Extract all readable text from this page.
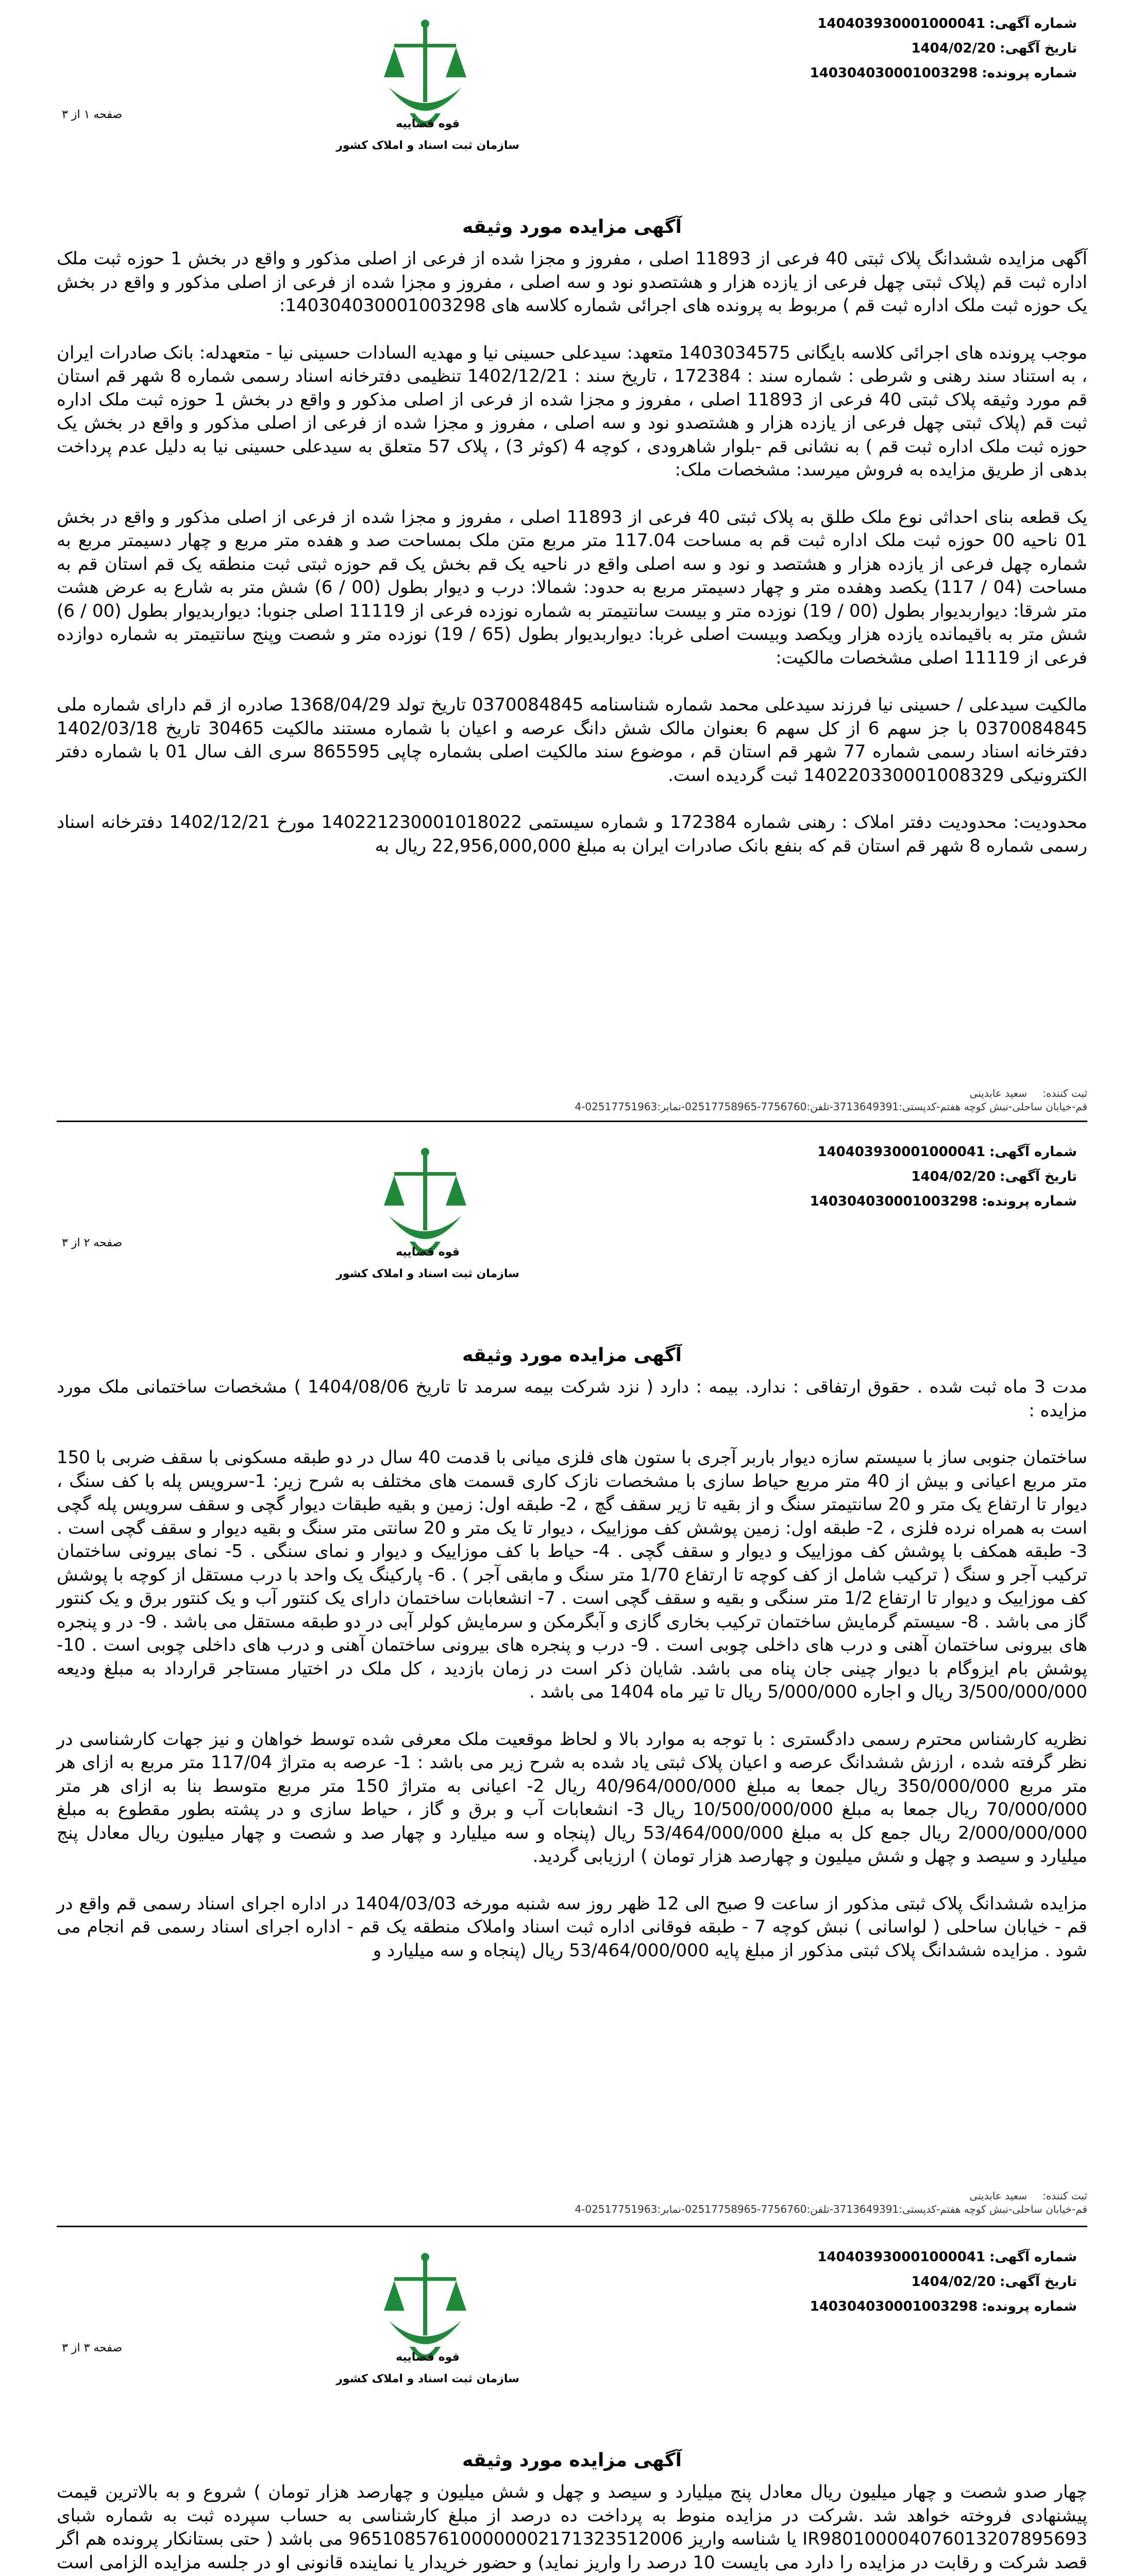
شماره آگهی:140403930001000041
تاریخ آگهی:1404/02/20
شماره پرونده:140304030001003298
قوه قضاییه
سازمان ثبت اسناد و املاک کشور
صفحه ۱ از ۳
آگهی مزایده مورد وثیقه

آگهی مزایده ششدانگ پلاک ثبتی 40 فرعی از 11893 اصلی ، مفروز و مجزا شده از فرعی از اصلی مذکور و واقع در بخش 1 حوزه ثبت ملک اداره ثبت قم (پلاک ثبتی چهل فرعی از یازده هزار و هشتصدو نود و سه اصلی ، مفروز و مجزا شده از فرعی از اصلی مذکور و واقع در بخش یک حوزه ثبت ملک اداره ثبت قم ) مربوط به پرونده های اجرائی شماره کلاسه های 140304030001003298:

موجب پرونده های اجرائی کلاسه بایگانی 1403034575 متعهد: سیدعلی حسینی نیا و مهدیه السادات حسینی نیا - متعهدله: بانک صادرات ایران ، به استناد سند رهنی و شرطی : شماره سند : 172384 ، تاریخ سند : 1402/12/21 تنظیمی دفترخانه اسناد رسمی شماره 8 شهر قم استان قم مورد وثیقه پلاک ثبتی 40 فرعی از 11893 اصلی ، مفروز و مجزا شده از فرعی از اصلی مذکور و واقع در بخش 1 حوزه ثبت ملک اداره ثبت قم (پلاک ثبتی چهل فرعی از یازده هزار و هشتصدو نود و سه اصلی ، مفروز و مجزا شده از فرعی از اصلی مذکور و واقع در بخش یک حوزه ثبت ملک اداره ثبت قم ) به نشانی قم -بلوار شاهرودی ، کوچه 4 (کوثر 3) ، پلاک 57 متعلق به سیدعلی حسینی نیا به دلیل عدم پرداخت بدهی از طریق مزایده به فروش میرسد: مشخصات ملک:

یک قطعه بنای احداثی نوع ملک طلق به پلاک ثبتی 40 فرعی از 11893 اصلی ، مفروز و مجزا شده از فرعی از اصلی مذکور و واقع در بخش 01 ناحیه 00 حوزه ثبت ملک اداره ثبت قم به مساحت 117.04 متر مربع متن ملک بمساحت صد و هفده متر مربع و چهار دسیمتر مربع به شماره چهل فرعی از یازده هزار و هشتصد و نود و سه اصلی واقع در ناحیه یک قم بخش یک قم حوزه ثبتی ثبت منطقه یک قم استان قم به مساحت (04 / 117) یکصد وهفده متر و چهار دسیمتر مربع به حدود: شمالا: درب و دیوار بطول (00 / 6) شش متر به شارع به عرض هشت متر شرقا: دیواربدیوار بطول (00 / 19) نوزده متر و بیست سانتیمتر به شماره نوزده فرعی از 11119 اصلی جنوبا: دیواربدیوار بطول (00 / 6) شش متر به باقیمانده یازده هزار ویکصد وبیست اصلی غربا: دیواربدیوار بطول (65 / 19) نوزده متر و شصت وپنج سانتیمتر به شماره دوازده فرعی از 11119 اصلی مشخصات مالکیت:

مالکیت سیدعلی / حسینی نیا فرزند سیدعلی محمد شماره شناسنامه 0370084845 تاریخ تولد 1368/04/29 صادره از قم دارای شماره ملی 0370084845 با جز سهم 6 از کل سهم 6 بعنوان مالک شش دانگ عرصه و اعیان با شماره مستند مالکیت 30465 تاریخ 1402/03/18 دفترخانه اسناد رسمی شماره 77 شهر قم استان قم ، موضوع سند مالکیت اصلی بشماره چاپی 865595 سری الف سال 01 با شماره دفتر الکترونیکی 140220330001008329 ثبت گردیده است.

محدودیت: محدودیت دفتر املاک : رهنی شماره 172384 و شماره سیستمی 140221230001018022 مورخ 1402/12/21 دفترخانه اسناد رسمی شماره 8 شهر قم استان قم که بنفع بانک صادرات ایران به مبلغ 22,956,000,000 ریال به

ثبت کننده:سعید عابدینی
قم-خیابان ساحلی-نبش کوچه هفتم-کدپستی:3713649391-تلفن:7756760-02517758965-نمابر:02517751963-4
شماره آگهی:140403930001000041
تاریخ آگهی:1404/02/20
شماره پرونده:140304030001003298
قوه قضاییه
سازمان ثبت اسناد و املاک کشور
صفحه ۲ از ۳
آگهی مزایده مورد وثیقه

مدت 3 ماه ثبت شده . حقوق ارتفاقی : ندارد. بیمه : دارد ( نزد شرکت بیمه سرمد تا تاریخ 1404/08/06 ) مشخصات ساختمانی ملک مورد مزایده :

ساختمان جنوبی ساز با سیستم سازه دیوار باربر آجری با ستون های فلزی میانی با قدمت 40 سال در دو طبقه مسکونی با سقف ضربی با 150 متر مربع اعیانی و بیش از 40 متر مربع حیاط سازی با مشخصات نازک کاری قسمت های مختلف به شرح زیر: 1-سرویس پله با کف سنگ ، دیوار تا ارتفاع یک متر و 20 سانتیمتر سنگ و از بقیه تا زیر سقف گچ ، 2- طبقه اول: زمین و بقیه طبقات دیوار گچی و سقف سرویس پله گچی است به همراه نرده فلزی ، 2- طبقه اول: زمین پوشش کف موزاییک ، دیوار تا یک متر و 20 سانتی متر سنگ و بقیه دیوار و سقف گچی است . 3- طبقه همکف با پوشش کف موزاییک و دیوار و سقف گچی . 4- حیاط با کف موزاییک و دیوار و نمای سنگی . 5- نمای بیرونی ساختمان ترکیب آجر و سنگ ( ترکیب شامل از کف کوچه تا ارتفاع 1/70 متر سنگ و مابقی آجر ) . 6- پارکینگ یک واحد با درب مستقل از کوچه با پوشش کف موزاییک و دیوار تا ارتفاع 1/2 متر سنگی و بقیه و سقف گچی است . 7- انشعابات ساختمان دارای یک کنتور آب و یک کنتور برق و یک کنتور گاز می باشد . 8- سیستم گرمایش ساختمان ترکیب بخاری گازی و آبگرمکن و سرمایش کولر آبی در دو طبقه مستقل می باشد . 9- در و پنجره های بیرونی ساختمان آهنی و درب های داخلی چوبی است . 9- درب و پنجره های بیرونی ساختمان آهنی و درب های داخلی چوبی است . 10-پوشش بام ایزوگام با دیوار چینی جان پناه می باشد. شایان ذکر است در زمان بازدید ، کل ملک در اختیار مستاجر قرارداد به مبلغ ودیعه 3/500/000/000 ریال و اجاره 5/000/000 ریال تا تیر ماه 1404 می باشد .

نظریه کارشناس محترم رسمی دادگستری : با توجه به موارد بالا و لحاظ موقعیت ملک معرفی شده توسط خواهان و نیز جهات کارشناسی در نظر گرفته شده ، ارزش ششدانگ عرصه و اعیان پلاک ثبتی یاد شده به شرح زیر می باشد : 1- عرصه به متراژ 117/04 متر مربع به ازای هر متر مربع 350/000/000 ریال جمعا به مبلغ 40/964/000/000 ریال 2- اعیانی به متراژ 150 متر مربع متوسط بنا به ازای هر متر 70/000/000 ریال جمعا به مبلغ 10/500/000/000 ریال 3- انشعابات آب و برق و گاز ، حیاط سازی و در پشته بطور مقطوع به مبلغ 2/000/000/000 ریال جمع کل به مبلغ 53/464/000/000 ریال (پنجاه و سه میلیارد و چهار صد و شصت و چهار میلیون ریال معادل پنج میلیارد و سیصد و چهل و شش میلیون و چهارصد هزار تومان ) ارزیابی گردید.

مزایده ششدانگ پلاک ثبتی مذکور از ساعت 9 صبح الی 12 ظهر روز سه شنبه مورخه 1404/03/03 در اداره اجرای اسناد رسمی قم واقع در قم - خیابان ساحلی ( لواسانی ) نبش کوچه 7 - طبقه فوقانی اداره ثبت اسناد واملاک منطقه یک قم - اداره اجرای اسناد رسمی قم انجام می شود . مزایده ششدانگ پلاک ثبتی مذکور از مبلغ پایه 53/464/000/000 ریال (پنجاه و سه میلیارد و

ثبت کننده:سعید عابدینی
قم-خیابان ساحلی-نبش کوچه هفتم-کدپستی:3713649391-تلفن:7756760-02517758965-نمابر:02517751963-4
شماره آگهی:140403930001000041
تاریخ آگهی:1404/02/20
شماره پرونده:140304030001003298
قوه قضاییه
سازمان ثبت اسناد و املاک کشور
صفحه ۳ از ۳
آگهی مزایده مورد وثیقه

چهار صدو شصت و چهار میلیون ریال معادل پنج میلیارد و سیصد و چهل و شش میلیون و چهارصد هزار تومان ) شروع و به بالاترین قیمت پیشنهادی فروخته خواهد شد .شرکت در مزایده منوط به پرداخت ده درصد از مبلغ کارشناسی به حساب سپرده ثبت به شماره شبای IR980100004076013207895693 یا شناسه واریز 965108576100000002171323512006 می باشد ( حتی بستانکار پرونده هم اگر قصد شرکت و رقابت در مزایده را دارد می بایست 10 درصد را واریز نماید) و حضور خریدار یا نماینده قانونی او در جلسه مزایده الزامی است
